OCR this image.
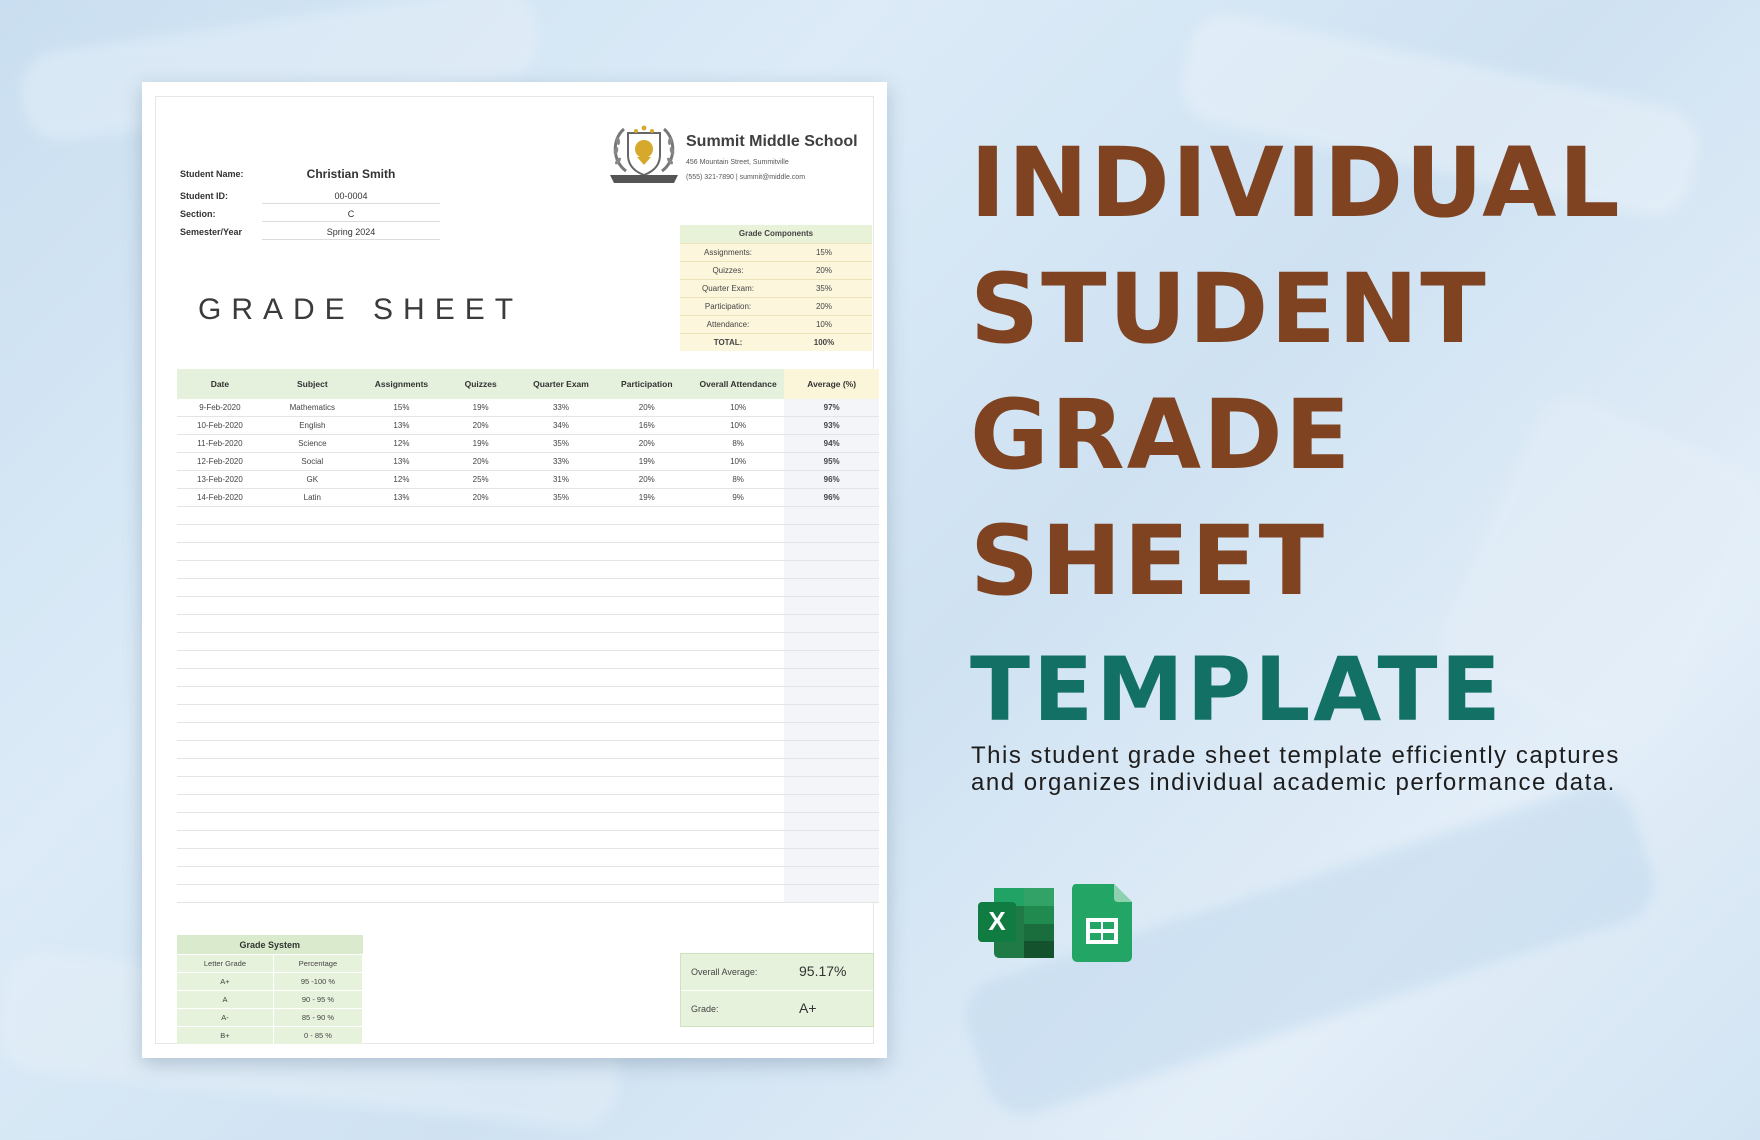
Student Name:	Christian Smith
Student ID:	00-0004
Section:	C
Semester/Year	Spring 2024
Summit Middle School
456 Mountain Street, Summitville
(555) 321-7890 | summit@middle.com
Grade Components
Assignments:	15%
Quizzes:	20%
Quarter Exam:	35%
Participation:	20%
Attendance:	10%
TOTAL:	100%
GRADE SHEET
Date	Subject	Assignments	Quizzes	Quarter Exam	Participation	Overall Attendance	Average (%)
9-Feb-2020	Mathematics	15%	19%	33%	20%	10%	97%
10-Feb-2020	English	13%	20%	34%	16%	10%	93%
11-Feb-2020	Science	12%	19%	35%	20%	8%	94%
12-Feb-2020	Social	13%	20%	33%	19%	10%	95%
13-Feb-2020	GK	12%	25%	31%	20%	8%	96%
14-Feb-2020	Latin	13%	20%	35%	19%	9%	96%

Grade System	
Letter Grade	Percentage
A+	95 -100 %
A	90 - 95 %
A-	85 - 90 %
B+	0 - 85 %
Overall Average:	95.17%
Grade:	A+
INDIVIDUAL
STUDENT
GRADE
SHEET
TEMPLATE
This student grade sheet template efficiently captures and organizes individual academic performance data.
X
